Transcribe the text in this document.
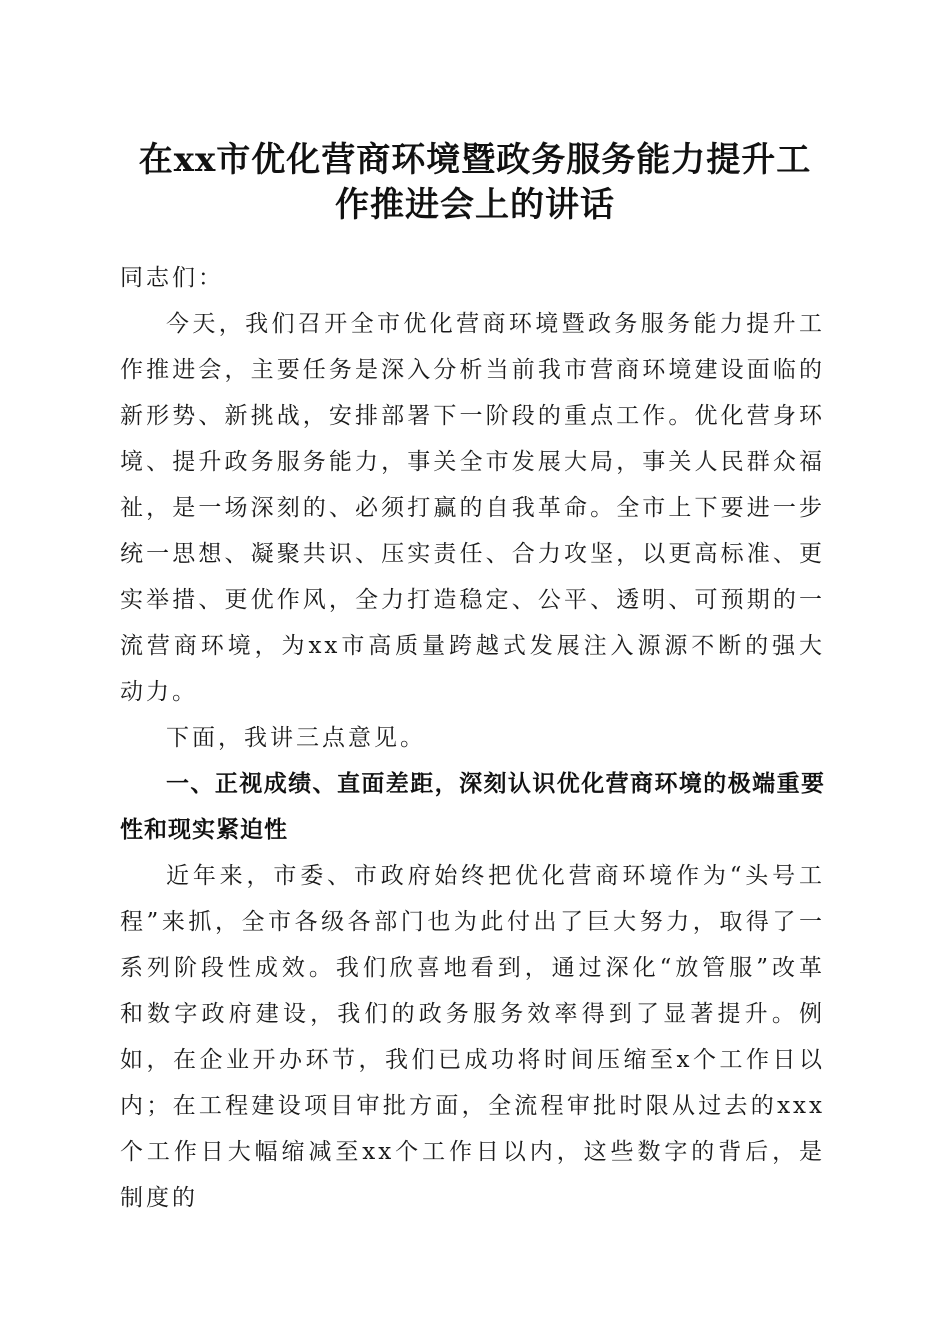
在xx市优化营商环境暨政务服务能力提升工
作推进会上的讲话

同志们：

今天，我们召开全市优化营商环境暨政务服务能力提升工作推进会，主要任务是深入分析当前我市营商环境建设面临的新形势、新挑战，安排部署下一阶段的重点工作。优化营身环境、提升政务服务能力，事关全市发展大局，事关人民群众福祉，是一场深刻的、必须打赢的自我革命。全市上下要进一步统一思想、凝聚共识、压实责任、合力攻坚，以更高标准、更实举措、更优作风，全力打造稳定、公平、透明、可预期的一流营商环境，为xx市高质量跨越式发展注入源源不断的强大动力。

下面，我讲三点意见。

一、正视成绩、直面差距，深刻认识优化营商环境的极端重要性和现实紧迫性

近年来，市委、市政府始终把优化营商环境作为“头号工程”来抓，全市各级各部门也为此付出了巨大努力，取得了一系列阶段性成效。我们欣喜地看到，通过深化“放管服”改革和数字政府建设，我们的政务服务效率得到了显著提升。例如，在企业开办环节，我们已成功将时间压缩至x个工作日以内；在工程建设项目审批方面，全流程审批时限从过去的xxx个工作日大幅缩减至xx个工作日以内，这些数字的背后，是制度的
